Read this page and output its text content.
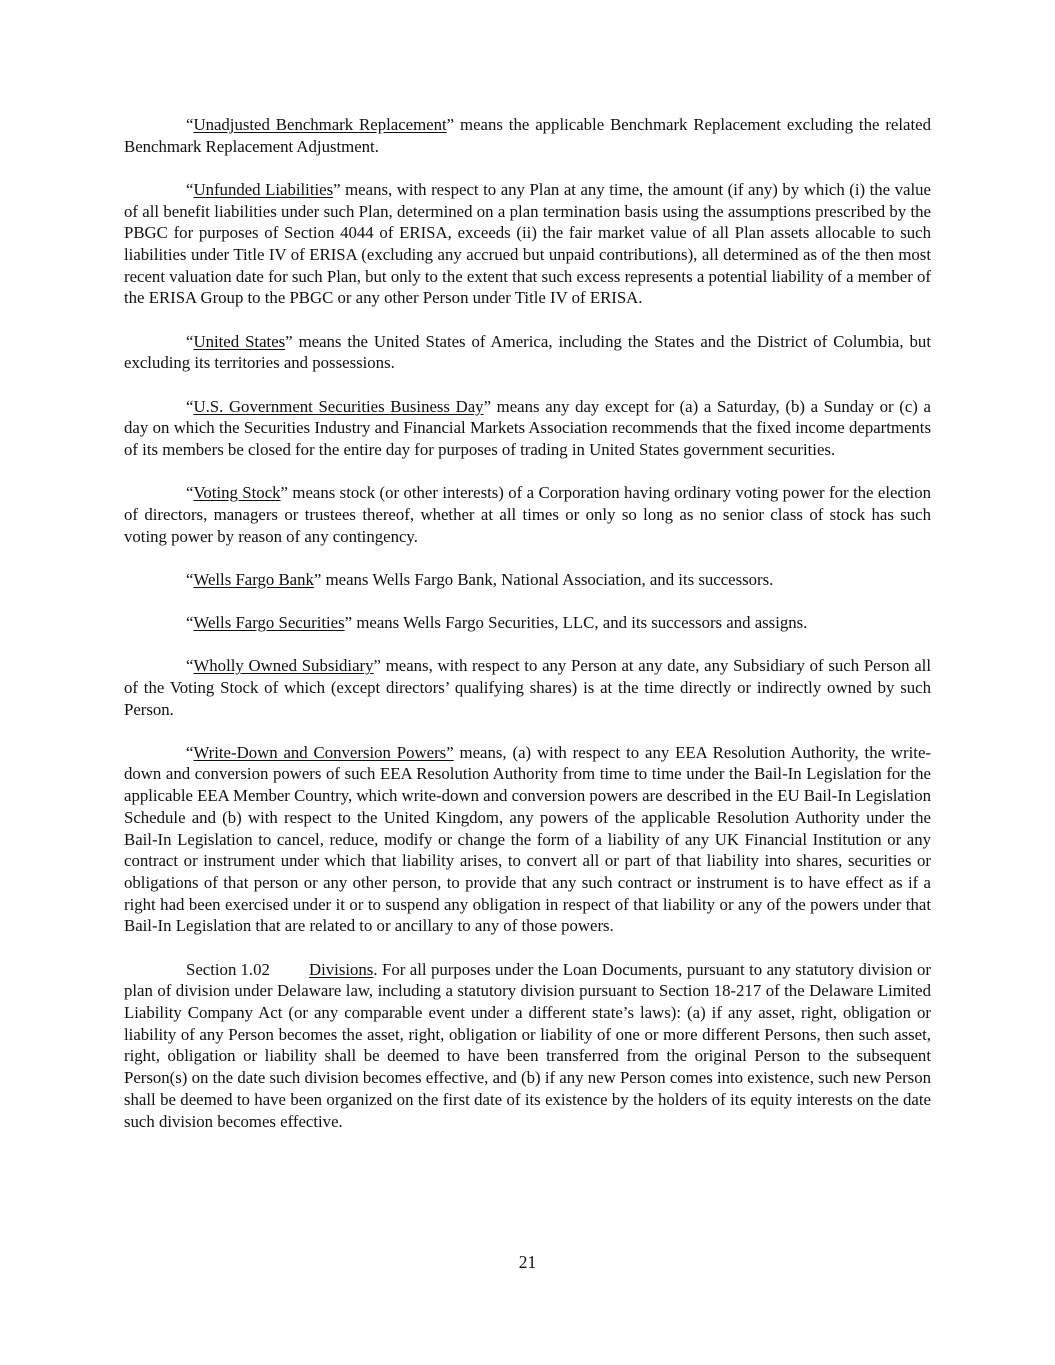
“Unadjusted Benchmark Replacement” means the applicable Benchmark Replacement excluding the related Benchmark Replacement Adjustment.

“Unfunded Liabilities” means, with respect to any Plan at any time, the amount (if any) by which (i) the value of all benefit liabilities under such Plan, determined on a plan termination basis using the assumptions prescribed by the PBGC for purposes of Section 4044 of ERISA, exceeds (ii) the fair market value of all Plan assets allocable to such liabilities under Title IV of ERISA (excluding any accrued but unpaid contributions), all determined as of the then most recent valuation date for such Plan, but only to the extent that such excess represents a potential liability of a member of the ERISA Group to the PBGC or any other Person under Title IV of ERISA.

“United States” means the United States of America, including the States and the District of Columbia, but excluding its territories and possessions.

“U.S. Government Securities Business Day” means any day except for (a) a Saturday, (b) a Sunday or (c) a day on which the Securities Industry and Financial Markets Association recommends that the fixed income departments of its members be closed for the entire day for purposes of trading in United States government securities.

“Voting Stock” means stock (or other interests) of a Corporation having ordinary voting power for the election of directors, managers or trustees thereof, whether at all times or only so long as no senior class of stock has such voting power by reason of any contingency.

“Wells Fargo Bank” means Wells Fargo Bank, National Association, and its successors.

“Wells Fargo Securities” means Wells Fargo Securities, LLC, and its successors and assigns.

“Wholly Owned Subsidiary” means, with respect to any Person at any date, any Subsidiary of such Person all of the Voting Stock of which (except directors’ qualifying shares) is at the time directly or indirectly owned by such Person.

“Write-Down and Conversion Powers” means, (a) with respect to any EEA Resolution Authority, the write-down and conversion powers of such EEA Resolution Authority from time to time under the Bail-In Legislation for the applicable EEA Member Country, which write-down and conversion powers are described in the EU Bail-In Legislation Schedule and (b) with respect to the United Kingdom, any powers of the applicable Resolution Authority under the Bail-In Legislation to cancel, reduce, modify or change the form of a liability of any UK Financial Institution or any contract or instrument under which that liability arises, to convert all or part of that liability into shares, securities or obligations of that person or any other person, to provide that any such contract or instrument is to have effect as if a right had been exercised under it or to suspend any obligation in respect of that liability or any of the powers under that Bail-In Legislation that are related to or ancillary to any of those powers.

Section 1.02 Divisions. For all purposes under the Loan Documents, pursuant to any statutory division or plan of division under Delaware law, including a statutory division pursuant to Section 18-217 of the Delaware Limited Liability Company Act (or any comparable event under a different state’s laws): (a) if any asset, right, obligation or liability of any Person becomes the asset, right, obligation or liability of one or more different Persons, then such asset, right, obligation or liability shall be deemed to have been transferred from the original Person to the subsequent Person(s) on the date such division becomes effective, and (b) if any new Person comes into existence, such new Person shall be deemed to have been organized on the first date of its existence by the holders of its equity interests on the date such division becomes effective.

21
